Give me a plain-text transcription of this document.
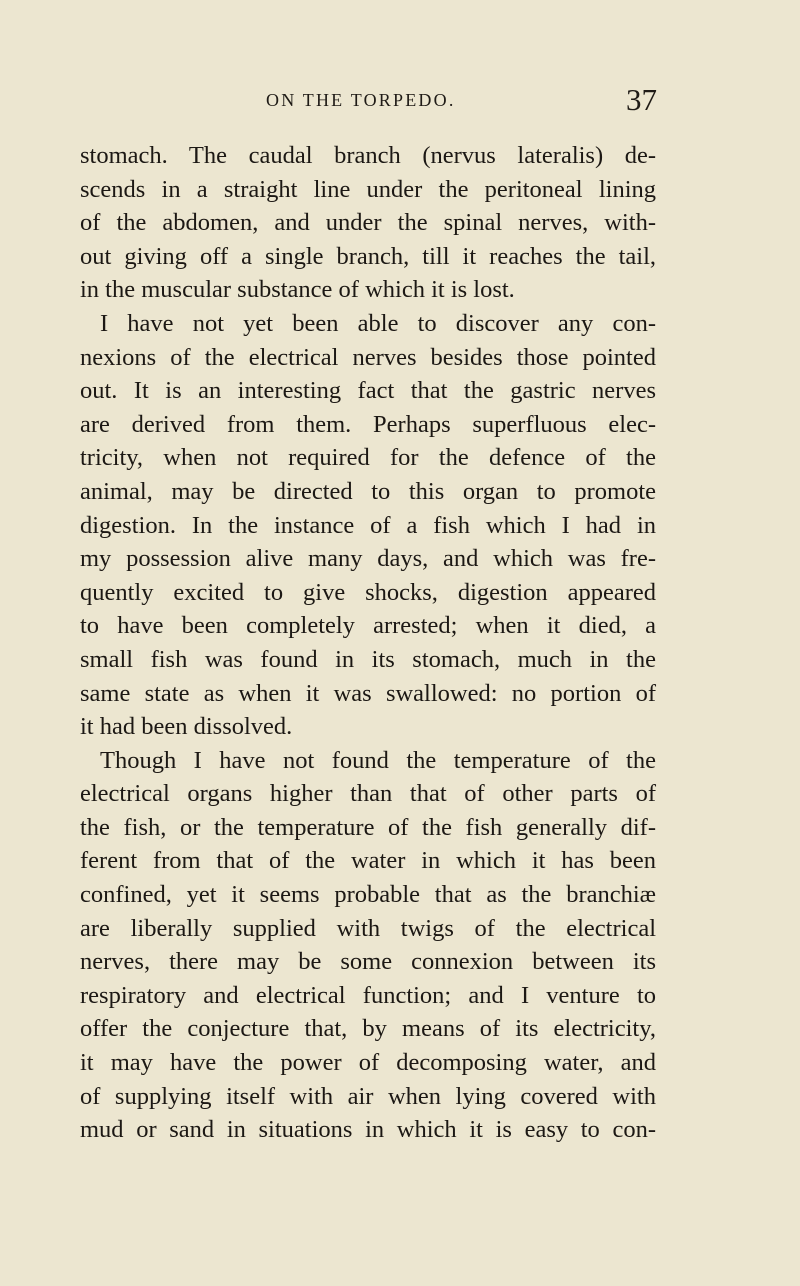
ON THE TORPEDO.	37
stomach. The caudal branch (nervus lateralis) de-
scends in a straight line under the peritoneal lining
of the abdomen, and under the spinal nerves, with-
out giving off a single branch, till it reaches the tail,
in the muscular substance of which it is lost.
I have not yet been able to discover any con-
nexions of the electrical nerves besides those pointed
out. It is an interesting fact that the gastric nerves
are derived from them. Perhaps superfluous elec-
tricity, when not required for the defence of the
animal, may be directed to this organ to promote
digestion. In the instance of a fish which I had in
my possession alive many days, and which was fre-
quently excited to give shocks, digestion appeared
to have been completely arrested; when it died, a
small fish was found in its stomach, much in the
same state as when it was swallowed: no portion of
it had been dissolved.
Though I have not found the temperature of the
electrical organs higher than that of other parts of
the fish, or the temperature of the fish generally dif-
ferent from that of the water in which it has been
confined, yet it seems probable that as the branchiæ
are liberally supplied with twigs of the electrical
nerves, there may be some connexion between its
respiratory and electrical function; and I venture to
offer the conjecture that, by means of its electricity,
it may have the power of decomposing water, and
of supplying itself with air when lying covered with
mud or sand in situations in which it is easy to con-
